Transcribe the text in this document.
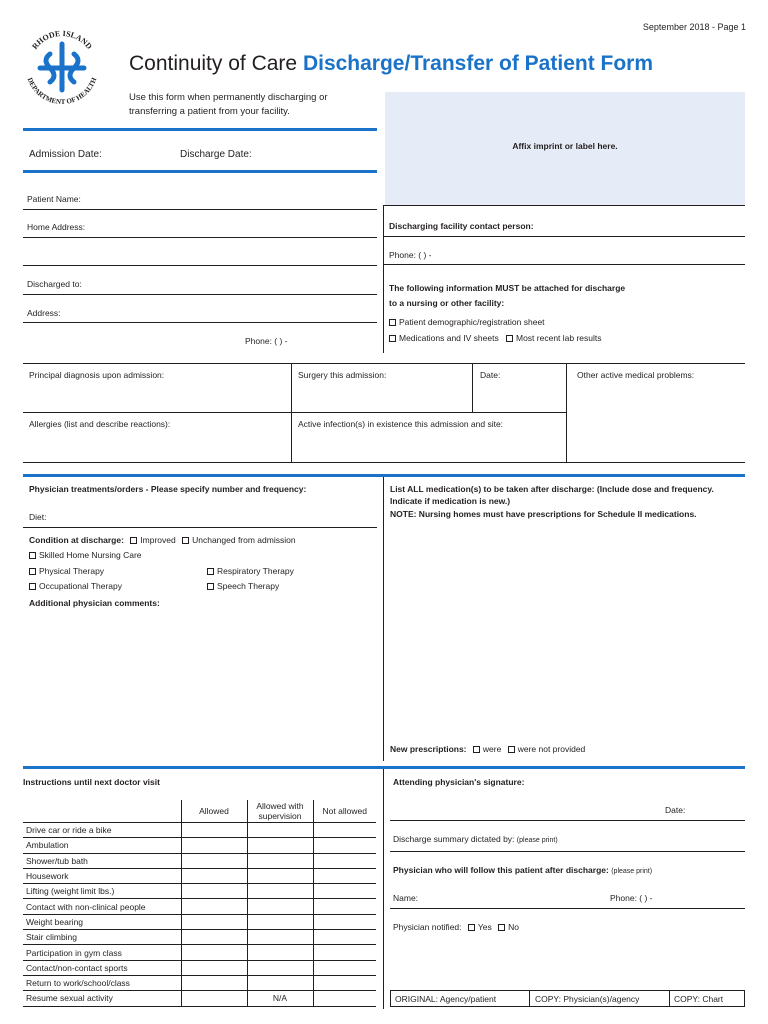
September 2018 - Page 1
RHODE ISLAND
DEPARTMENT OF HEALTH
Continuity of Care Discharge/Transfer of Patient Form
Use this form when permanently discharging or
transferring a patient from your facility.
Affix imprint or label here.
Admission Date:	Discharge Date:
Patient Name:
Home Address:
Discharged to:
Address:
Phone: ( ) -
Discharging facility contact person:
Phone: ( ) -
The following information MUST be attached for discharge
to a nursing or other facility:
Patient demographic/registration sheet
Medications and IV sheets	Most recent lab results
Principal diagnosis upon admission:	Surgery this admission:	Date:	Other active medical problems:
Allergies (list and describe reactions):	Active infection(s) in existence this admission and site:
Physician treatments/orders - Please specify number and frequency:
Diet:
Condition at discharge: Improved Unchanged from admission
Skilled Home Nursing Care
Physical Therapy	Respiratory Therapy
Occupational Therapy	Speech Therapy
Additional physician comments:
List ALL medication(s) to be taken after discharge: (Include dose and frequency.
Indicate if medication is new.)
NOTE: Nursing homes must have prescriptions for Schedule II medications.
New prescriptions: were were not provided
Instructions until next doctor visit
	Allowed	Allowed with supervision	Not allowed
Drive car or ride a bike			
Ambulation			
Shower/tub bath			
Housework			
Lifting (weight limit lbs.)			
Contact with non-clinical people			
Weight bearing			
Stair climbing			
Participation in gym class			
Contact/non-contact sports			
Return to work/school/class			
Resume sexual activity		N/A	
Attending physician's signature:
Date:
Discharge summary dictated by: (please print)
Physician who will follow this patient after discharge: (please print)
Name:	Phone: ( ) -
Physician notified: Yes No
ORIGINAL: Agency/patient	COPY: Physician(s)/agency	COPY: Chart
